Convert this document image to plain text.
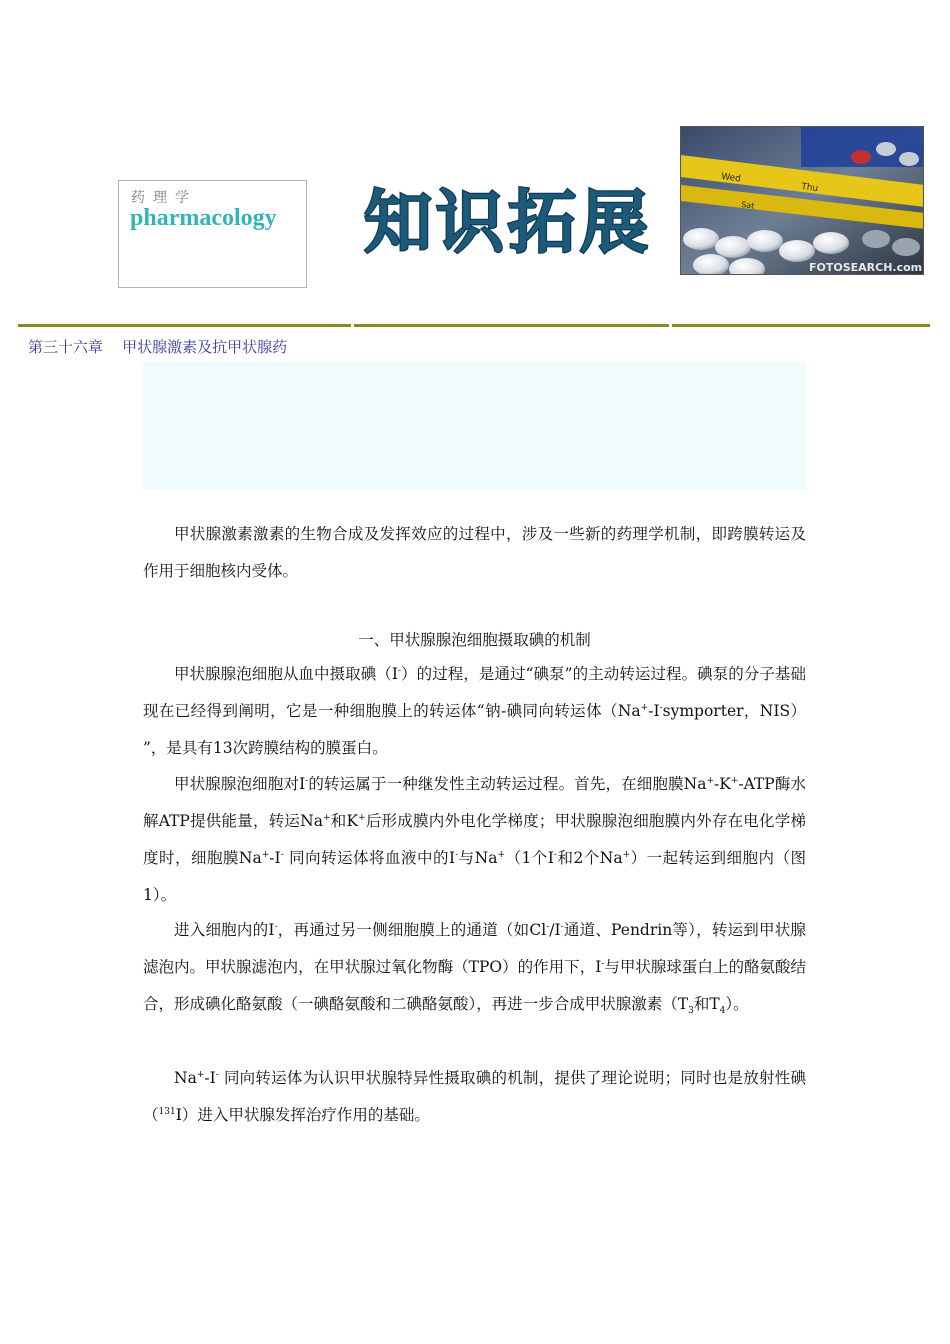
药理学
pharmacology 知识拓展
Wed
Thu
Sat
FOTOSEARCH.com
第三十六章 甲状腺激素及抗甲状腺药

甲状腺激素激素的生物合成及发挥效应的过程中，涉及一些新的药理学机制，即跨膜转运及作用于细胞核内受体。

一、甲状腺腺泡细胞摄取碘的机制

甲状腺腺泡细胞从血中摄取碘（I-）的过程，是通过“碘泵”的主动转运过程。碘泵的分子基础现在已经得到阐明，它是一种细胞膜上的转运体“钠-碘同向转运体（Na+-I-symporter，NIS） ”，是具有13次跨膜结构的膜蛋白。

甲状腺腺泡细胞对I-的转运属于一种继发性主动转运过程。首先，在细胞膜Na+-K+-ATP酶水解ATP提供能量，转运Na+和K+后形成膜内外电化学梯度；甲状腺腺泡细胞膜内外存在电化学梯度时，细胞膜Na+-I- 同向转运体将血液中的I-与Na+（1个I-和2个Na+）一起转运到细胞内（图1）。

进入细胞内的I-，再通过另一侧细胞膜上的通道（如Cl-/I-通道、Pendrin等），转运到甲状腺滤泡内。甲状腺滤泡内，在甲状腺过氧化物酶（TPO）的作用下，I-与甲状腺球蛋白上的酪氨酸结合，形成碘化酪氨酸（一碘酪氨酸和二碘酪氨酸），再进一步合成甲状腺激素（$T_3$和$T_4$）。

Na+-I- 同向转运体为认识甲状腺特异性摄取碘的机制，提供了理论说明；同时也是放射性碘（$^{131}$I）进入甲状腺发挥治疗作用的基础。
